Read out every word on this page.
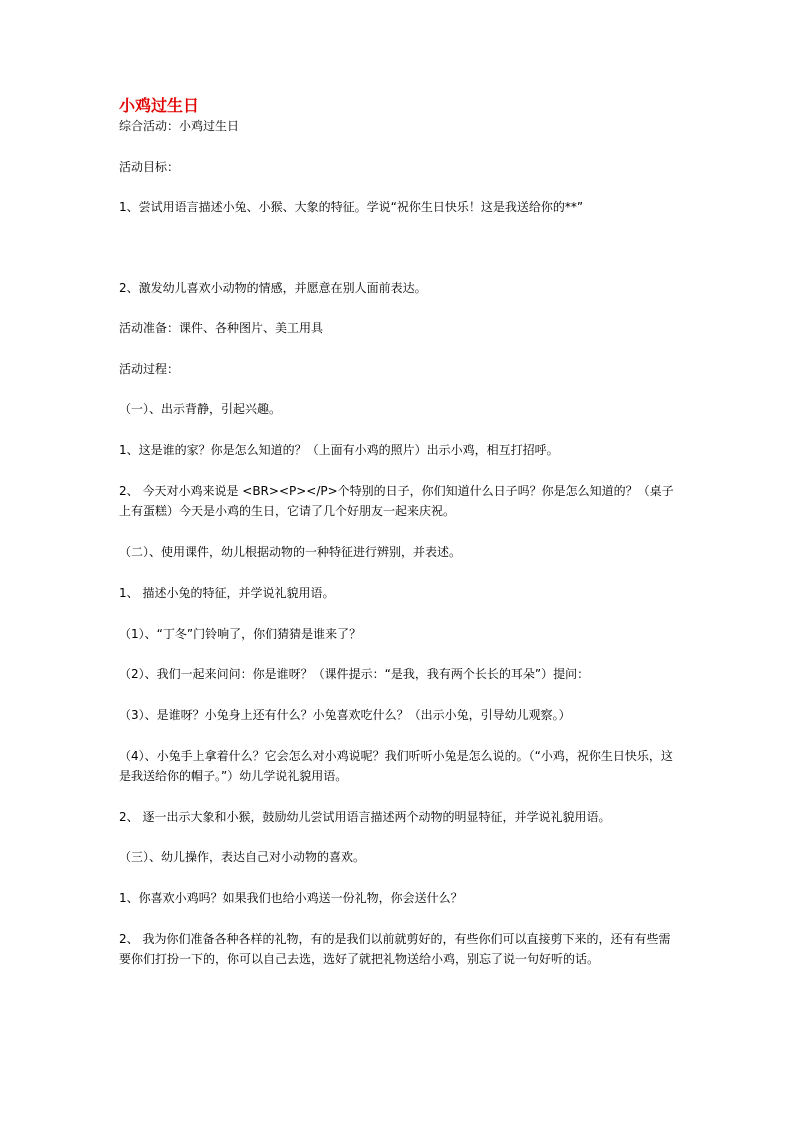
小鸡过生日
综合活动：小鸡过生日
活动目标：
1、尝试用语言描述小兔、小猴、大象的特征。学说“祝你生日快乐！这是我送给你的**”
2、激发幼儿喜欢小动物的情感，并愿意在别人面前表达。
活动准备：课件、各种图片、美工用具
活动过程：
（一）、出示背静，引起兴趣。
1、这是谁的家？你是怎么知道的？（上面有小鸡的照片）出示小鸡，相互打招呼。
2、 今天对小鸡来说是 <BR><P></P>个特别的日子，你们知道什么日子吗？你是怎么知道的？（桌子上有蛋糕）今天是小鸡的生日，它请了几个好朋友一起来庆祝。
（二）、使用课件，幼儿根据动物的一种特征进行辨别，并表述。
1、 描述小兔的特征，并学说礼貌用语。
（1）、“丁冬”门铃响了，你们猜猜是谁来了？
（2）、我们一起来问问：你是谁呀？（课件提示：“是我，我有两个长长的耳朵”）提问：
（3）、是谁呀？小兔身上还有什么？小兔喜欢吃什么？（出示小兔，引导幼儿观察。）
（4）、小兔手上拿着什么？它会怎么对小鸡说呢？我们听听小兔是怎么说的。（“小鸡，祝你生日快乐，这是我送给你的帽子。”）幼儿学说礼貌用语。
2、 逐一出示大象和小猴，鼓励幼儿尝试用语言描述两个动物的明显特征，并学说礼貌用语。
（三）、幼儿操作，表达自己对小动物的喜欢。
1、你喜欢小鸡吗？如果我们也给小鸡送一份礼物，你会送什么？
2、 我为你们准备各种各样的礼物，有的是我们以前就剪好的，有些你们可以直接剪下来的，还有有些需要你们打扮一下的，你可以自己去选，选好了就把礼物送给小鸡，别忘了说一句好听的话。
